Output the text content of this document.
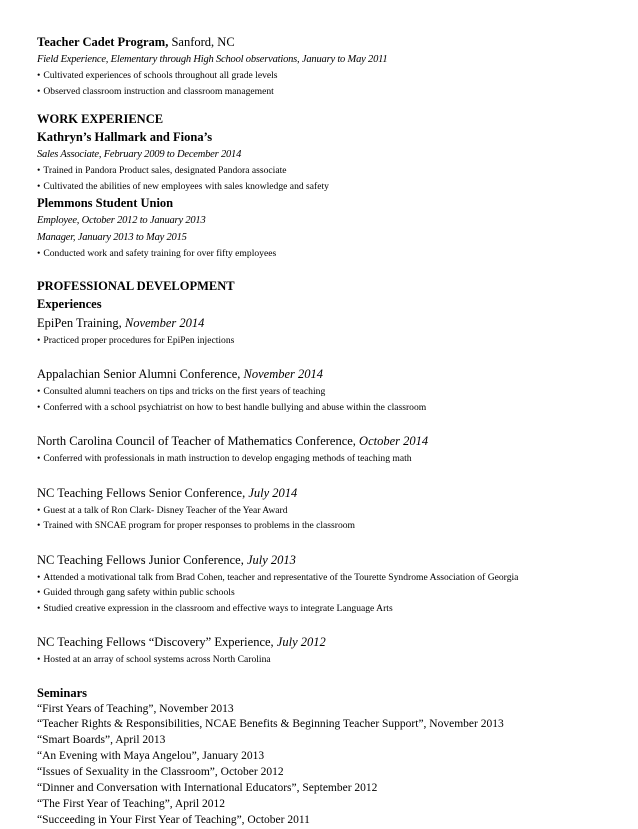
Teacher Cadet Program, Sanford, NC
Field Experience, Elementary through High School observations, January to May 2011
• Cultivated experiences of schools throughout all grade levels
• Observed classroom instruction and classroom management
WORK EXPERIENCE
Kathryn’s Hallmark and Fiona’s
Sales Associate, February 2009 to December 2014
• Trained in Pandora Product sales, designated Pandora associate
• Cultivated the abilities of new employees with sales knowledge and safety
Plemmons Student Union
Employee, October 2012 to January 2013
Manager, January 2013 to May 2015
• Conducted work and safety training for over fifty employees
PROFESSIONAL DEVELOPMENT
Experiences
EpiPen Training, November 2014
• Practiced proper procedures for EpiPen injections
Appalachian Senior Alumni Conference, November 2014
• Consulted alumni teachers on tips and tricks on the first years of teaching
• Conferred with a school psychiatrist on how to best handle bullying and abuse within the classroom
North Carolina Council of Teacher of Mathematics Conference, October 2014
• Conferred with professionals in math instruction to develop engaging methods of teaching math
NC Teaching Fellows Senior Conference, July 2014
• Guest at a talk of Ron Clark- Disney Teacher of the Year Award
• Trained with SNCAE program for proper responses to problems in the classroom
NC Teaching Fellows Junior Conference, July 2013
• Attended a motivational talk from Brad Cohen, teacher and representative of the Tourette Syndrome Association of Georgia
• Guided through gang safety within public schools
• Studied creative expression in the classroom and effective ways to integrate Language Arts
NC Teaching Fellows “Discovery” Experience, July 2012
• Hosted at an array of school systems across North Carolina
Seminars
“First Years of Teaching”, November 2013
“Teacher Rights & Responsibilities, NCAE Benefits & Beginning Teacher Support”, November 2013
“Smart Boards”, April 2013
“An Evening with Maya Angelou”, January 2013
“Issues of Sexuality in the Classroom”, October 2012
“Dinner and Conversation with International Educators”, September 2012
“The First Year of Teaching”, April 2012
“Succeeding in Your First Year of Teaching”, October 2011
